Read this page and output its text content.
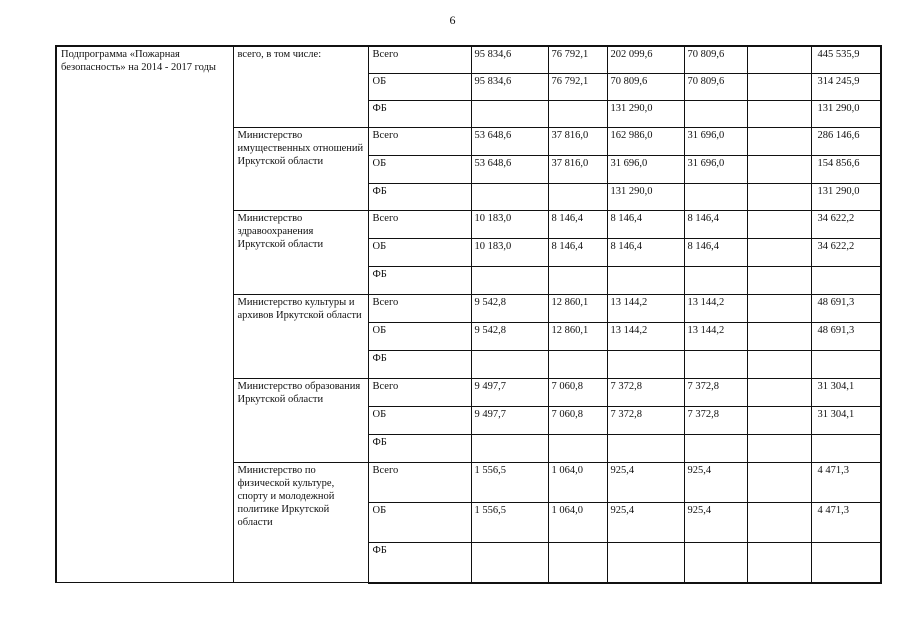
6
Подпрограмма «Пожарная безопасность» на 2014 - 2017 годы	всего, в том числе:	Всего	95 834,6	76 792,1	202 099,6	70 809,6		445 535,9
		ОБ	95 834,6	76 792,1	70 809,6	70 809,6		314 245,9
		ФБ			131 290,0			131 290,0
	Министерство имущественных отношений Иркутской области	Всего	53 648,6	37 816,0	162 986,0	31 696,0		286 146,6
		ОБ	53 648,6	37 816,0	31 696,0	31 696,0		154 856,6
		ФБ			131 290,0			131 290,0
	Министерство здравоохранения Иркутской области	Всего	10 183,0	8 146,4	8 146,4	8 146,4		34 622,2
		ОБ	10 183,0	8 146,4	8 146,4	8 146,4		34 622,2
		ФБ						
	Министерство культуры и архивов Иркутской области	Всего	9 542,8	12 860,1	13 144,2	13 144,2		48 691,3
		ОБ	9 542,8	12 860,1	13 144,2	13 144,2		48 691,3
		ФБ						
	Министерство образования Иркутской области	Всего	9 497,7	7 060,8	7 372,8	7 372,8		31 304,1
		ОБ	9 497,7	7 060,8	7 372,8	7 372,8		31 304,1
		ФБ						
	Министерство по физической культуре, спорту и молодежной политике Иркутской области	Всего	1 556,5	1 064,0	925,4	925,4		4 471,3
		ОБ	1 556,5	1 064,0	925,4	925,4		4 471,3
		ФБ						
